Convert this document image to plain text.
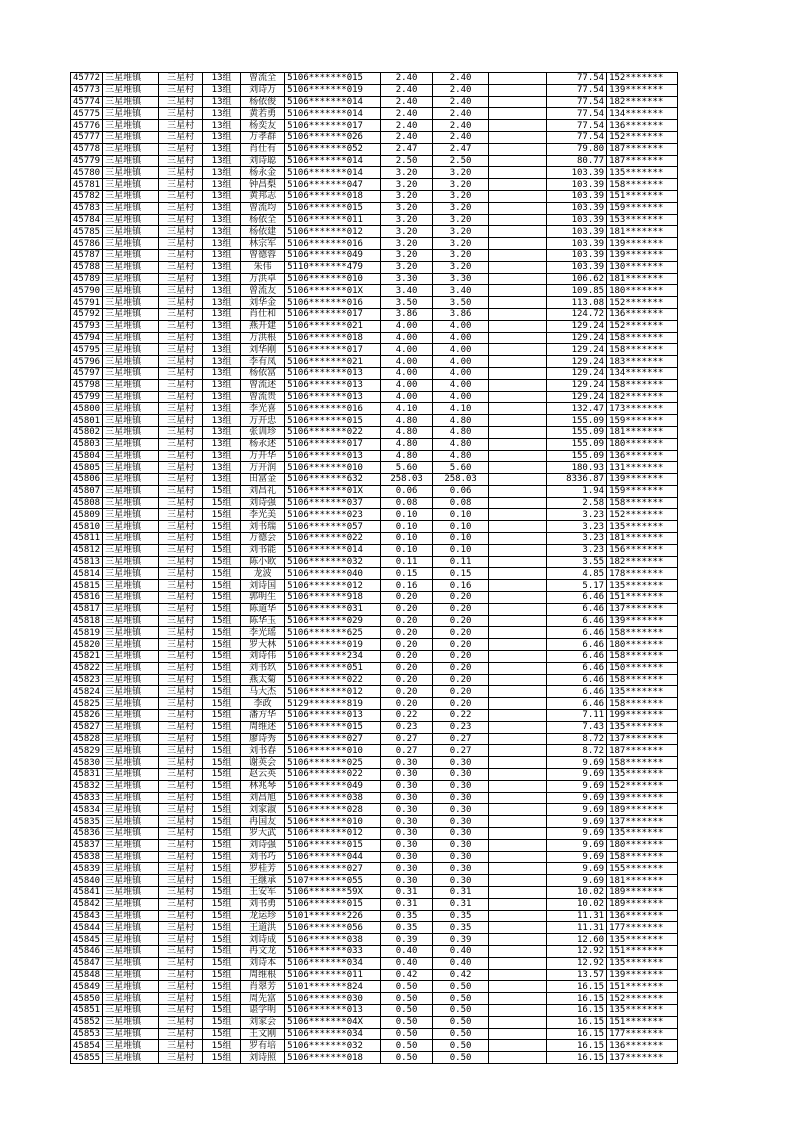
45772	三星堆镇	三星村	13组	曾流全	5106*******015	2.40	2.40		77.54	152*******
45773	三星堆镇	三星村	13组	刘诗万	5106*******019	2.40	2.40		77.54	139*******
45774	三星堆镇	三星村	13组	杨依俊	5106*******014	2.40	2.40		77.54	182*******
45775	三星堆镇	三星村	13组	黄若勇	5106*******014	2.40	2.40		77.54	134*******
45776	三星堆镇	三星村	13组	杨奕友	5106*******017	2.40	2.40		77.54	136*******
45777	三星堆镇	三星村	13组	万孝群	5106*******026	2.40	2.40		77.54	152*******
45778	三星堆镇	三星村	13组	肖仕有	5106*******052	2.47	2.47		79.80	187*******
45779	三星堆镇	三星村	13组	刘诗聪	5106*******014	2.50	2.50		80.77	187*******
45780	三星堆镇	三星村	13组	杨永金	5106*******014	3.20	3.20		103.39	135*******
45781	三星堆镇	三星村	13组	钟昌梨	5106*******047	3.20	3.20		103.39	158*******
45782	三星堆镇	三星村	13组	黄邦志	5106*******018	3.20	3.20		103.39	151*******
45783	三星堆镇	三星村	13组	曾流均	5106*******015	3.20	3.20		103.39	159*******
45784	三星堆镇	三星村	13组	杨依全	5106*******011	3.20	3.20		103.39	153*******
45785	三星堆镇	三星村	13组	杨依建	5106*******012	3.20	3.20		103.39	181*******
45786	三星堆镇	三星村	13组	林宗军	5106*******016	3.20	3.20		103.39	139*******
45787	三星堆镇	三星村	13组	曾德蓉	5106*******049	3.20	3.20		103.39	139*******
45788	三星堆镇	三星村	13组	朱伟	5110*******479	3.20	3.20		103.39	130*******
45789	三星堆镇	三星村	13组	万洪卓	5106*******010	3.30	3.30		106.62	181*******
45790	三星堆镇	三星村	13组	曾流友	5106*******01X	3.40	3.40		109.85	180*******
45791	三星堆镇	三星村	13组	刘华金	5106*******016	3.50	3.50		113.08	152*******
45792	三星堆镇	三星村	13组	肖仕和	5106*******017	3.86	3.86		124.72	136*******
45793	三星堆镇	三星村	13组	燕开建	5106*******021	4.00	4.00		129.24	152*******
45794	三星堆镇	三星村	13组	万洪根	5106*******018	4.00	4.00		129.24	158*******
45795	三星堆镇	三星村	13组	刘华刚	5106*******017	4.00	4.00		129.24	158*******
45796	三星堆镇	三星村	13组	李有凤	5106*******021	4.00	4.00		129.24	183*******
45797	三星堆镇	三星村	13组	杨依富	5106*******013	4.00	4.00		129.24	134*******
45798	三星堆镇	三星村	13组	曾流述	5106*******013	4.00	4.00		129.24	158*******
45799	三星堆镇	三星村	13组	曾流贵	5106*******013	4.00	4.00		129.24	182*******
45800	三星堆镇	三星村	13组	李光喜	5106*******016	4.10	4.10		132.47	173*******
45801	三星堆镇	三星村	13组	万开忠	5106*******015	4.80	4.80		155.09	159*******
45802	三星堆镇	三星村	13组	张训珍	5106*******022	4.80	4.80		155.09	181*******
45803	三星堆镇	三星村	13组	杨永述	5106*******017	4.80	4.80		155.09	180*******
45804	三星堆镇	三星村	13组	万开华	5106*******013	4.80	4.80		155.09	136*******
45805	三星堆镇	三星村	13组	万开润	5106*******010	5.60	5.60		180.93	131*******
45806	三星堆镇	三星村	13组	田富金	5106*******632	258.03	258.03		8336.87	139*******
45807	三星堆镇	三星村	15组	刘昌礼	5106*******01X	0.06	0.06		1.94	159*******
45808	三星堆镇	三星村	15组	刘诗强	5106*******037	0.08	0.08		2.58	158*******
45809	三星堆镇	三星村	15组	李光美	5106*******023	0.10	0.10		3.23	152*******
45810	三星堆镇	三星村	15组	刘书瑞	5106*******057	0.10	0.10		3.23	135*******
45811	三星堆镇	三星村	15组	万德会	5106*******022	0.10	0.10		3.23	181*******
45812	三星堆镇	三星村	15组	刘书能	5106*******014	0.10	0.10		3.23	156*******
45813	三星堆镇	三星村	15组	陈小欧	5106*******032	0.11	0.11		3.55	182*******
45814	三星堆镇	三星村	15组	龙波	5106*******040	0.15	0.15		4.85	178*******
45815	三星堆镇	三星村	15组	刘诗国	5106*******012	0.16	0.16		5.17	135*******
45816	三星堆镇	三星村	15组	郭明生	5106*******918	0.20	0.20		6.46	151*******
45817	三星堆镇	三星村	15组	陈道华	5106*******031	0.20	0.20		6.46	137*******
45818	三星堆镇	三星村	15组	陈华玉	5106*******029	0.20	0.20		6.46	139*******
45819	三星堆镇	三星村	15组	李光瑶	5106*******625	0.20	0.20		6.46	158*******
45820	三星堆镇	三星村	15组	罗大林	5106*******019	0.20	0.20		6.46	180*******
45821	三星堆镇	三星村	15组	刘诗伟	5106*******234	0.20	0.20		6.46	158*******
45822	三星堆镇	三星村	15组	刘书玖	5106*******051	0.20	0.20		6.46	150*******
45823	三星堆镇	三星村	15组	燕太菊	5106*******022	0.20	0.20		6.46	158*******
45824	三星堆镇	三星村	15组	马大杰	5106*******012	0.20	0.20		6.46	135*******
45825	三星堆镇	三星村	15组	李政	5129*******819	0.20	0.20		6.46	158*******
45826	三星堆镇	三星村	15组	潘方华	5106*******013	0.22	0.22		7.11	199*******
45827	三星堆镇	三星村	15组	周维述	5106*******015	0.23	0.23		7.43	135*******
45828	三星堆镇	三星村	15组	廖诗秀	5106*******027	0.27	0.27		8.72	137*******
45829	三星堆镇	三星村	15组	刘书春	5106*******010	0.27	0.27		8.72	187*******
45830	三星堆镇	三星村	15组	谢英会	5106*******025	0.30	0.30		9.69	158*******
45831	三星堆镇	三星村	15组	赵云英	5106*******022	0.30	0.30		9.69	135*******
45832	三星堆镇	三星村	15组	林兆琴	5106*******049	0.30	0.30		9.69	152*******
45833	三星堆镇	三星村	15组	刘昌旭	5106*******038	0.30	0.30		9.69	139*******
45834	三星堆镇	三星村	15组	刘家淑	5106*******028	0.30	0.30		9.69	189*******
45835	三星堆镇	三星村	15组	冉国友	5106*******010	0.30	0.30		9.69	137*******
45836	三星堆镇	三星村	15组	罗大武	5106*******012	0.30	0.30		9.69	135*******
45837	三星堆镇	三星村	15组	刘诗强	5106*******015	0.30	0.30		9.69	180*******
45838	三星堆镇	三星村	15组	刘书巧	5106*******044	0.30	0.30		9.69	158*******
45839	三星堆镇	三星村	15组	罗桂芳	5106*******027	0.30	0.30		9.69	155*******
45840	三星堆镇	三星村	15组	王继承	5107*******055	0.30	0.30		9.69	181*******
45841	三星堆镇	三星村	15组	王安军	5106*******59X	0.31	0.31		10.02	189*******
45842	三星堆镇	三星村	15组	刘书勇	5106*******015	0.31	0.31		10.02	189*******
45843	三星堆镇	三星村	15组	龙运珍	5101*******226	0.35	0.35		11.31	136*******
45844	三星堆镇	三星村	15组	王道洪	5106*******056	0.35	0.35		11.31	177*******
45845	三星堆镇	三星村	15组	刘诗成	5106*******038	0.39	0.39		12.60	135*******
45846	三星堆镇	三星村	15组	冉文龙	5106*******033	0.40	0.40		12.92	151*******
45847	三星堆镇	三星村	15组	刘诗本	5106*******034	0.40	0.40		12.92	135*******
45848	三星堆镇	三星村	15组	周维根	5106*******011	0.42	0.42		13.57	139*******
45849	三星堆镇	三星村	15组	肖翠芳	5101*******824	0.50	0.50		16.15	151*******
45850	三星堆镇	三星村	15组	周先富	5106*******030	0.50	0.50		16.15	152*******
45851	三星堆镇	三星村	15组	谌学明	5106*******013	0.50	0.50		16.15	135*******
45852	三星堆镇	三星村	15组	刘家会	5106*******04X	0.50	0.50		16.15	151*******
45853	三星堆镇	三星村	15组	王文刚	5106*******034	0.50	0.50		16.15	177*******
45854	三星堆镇	三星村	15组	罗有培	5106*******032	0.50	0.50		16.15	136*******
45855	三星堆镇	三星村	15组	刘诗照	5106*******018	0.50	0.50		16.15	137*******
